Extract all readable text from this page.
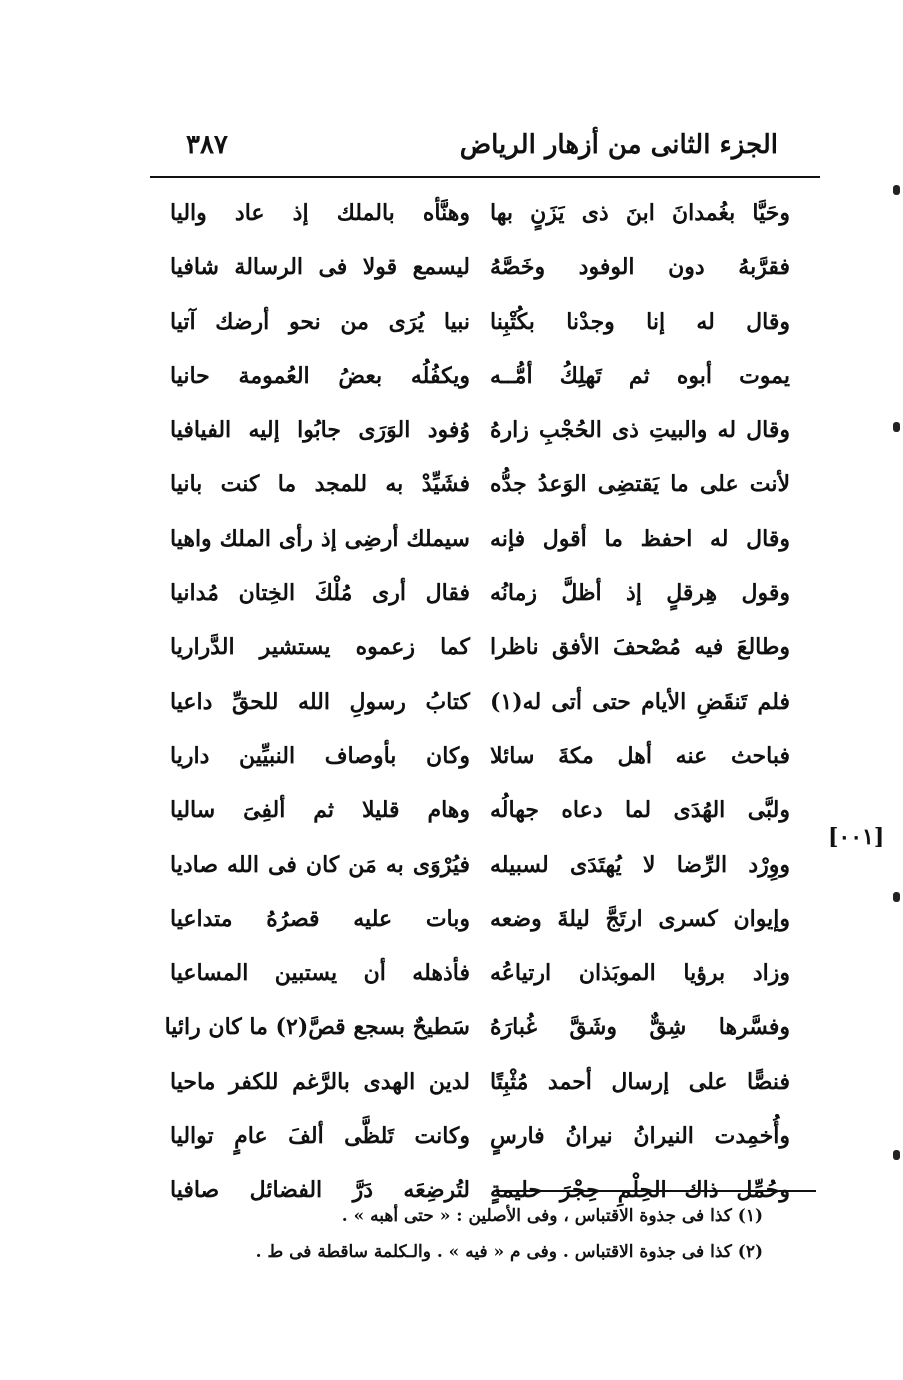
الجزء الثانى من أزهار الرياض
٣٨٧
[٠٠١]
وحَيَّا بغُمدانَ ابنَ ذى يَزَنٍ بها
وهنَّأه بالملك إذ عاد واليا
فقرَّبهُ دون الوفود وخَصَّهُ
ليسمع قولا فى الرسالة شافيا
وقال له إنا وجدْنا بكُتْبِنا
نبيا يُرَى من نحو أرضك آتيا
يموت أبوه ثم تَهلِكُ أمُّــه
ويكفُلُه بعضُ العُمومة حانيا
وقال له والبيتِ ذى الحُجْبِ زارهُ
وُفود الوَرَى جابُوا إليه الفيافيا
لأنت على ما يَقتضِى الوَعدُ جدُّه
فشَيِّدْ به للمجد ما كنت بانيا
وقال له احفظ ما أقول فإنه
سيملك أرضِى إذ رأى الملك واهيا
وقول هِرقلٍ إذ أظلَّ زمانُه
فقال أرى مُلْكَ الخِتان مُدانيا
وطالعَ فيه مُصْحفَ الأفق ناظرا
كما زعموه يستشير الدَّراريا
فلم تَنقَضِ الأيام حتى أتى له(١)
كتابُ رسولِ الله للحقِّ داعيا
فباحث عنه أهل مكةَ سائلا
وكان بأوصاف النبيِّين داريا
ولبَّى الهُدَى لما دعاه جهالُه
وهام قليلا ثم ألفِىَ ساليا
ووِرْد الرِّضا لا يُهتَدَى لسبيله
فيُرْوَى به مَن كان فى الله صاديا
وإيوان كسرى ارتَجَّ ليلةَ وضعه
وبات عليه قصرُهُ متداعيا
وزاد برؤيا الموبَذان ارتياعُه
فأذهله أن يستبين المساعيا
وفسَّرها شِقٌّ وشَقَّ غُبارَهُ
سَطيحٌ بسجع قصَّ(٢) ما كان رائيا
فنصًّا على إرسال أحمد مُثْبِتًا
لدين الهدى بالرَّغم للكفر ماحيا
وأُخمِدت النيرانُ نيرانُ فارسٍ
وكانت تَلظَّى ألفَ عامٍ تواليا
وحُمِّل ذاك الحِلْمِ حِجْرَ حليمةٍ
لتُرضِعَه دَرَّ الفضائل صافيا
(١) كذا فى جذوة الاقتباس ، وفى الأصلين : « حتى أهبه » .
(٢) كذا فى جذوة الاقتباس . وفى م « فيه » . والـكلمة ساقطة فى ط .
